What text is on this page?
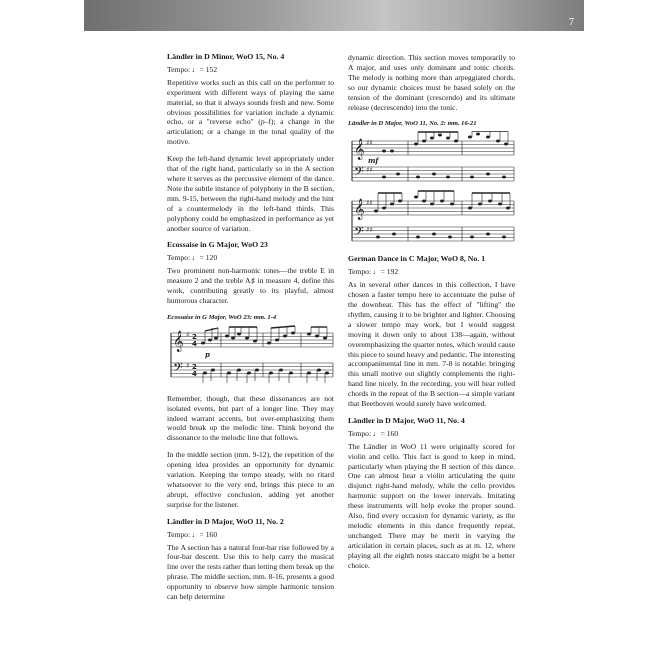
7
Ländler in D Minor, WoO 15, No. 4
Tempo: ♩= 152

Repetitive works such as this call on the performer to experiment with different ways of playing the same material, so that it always sounds fresh and new. Some obvious possibilities for variation include a dynamic echo, or a "reverse echo" (p–f); a change in the articulation; or a change in the tonal quality of the motive.

Keep the left-hand dynamic level appropriately under that of the right hand, particularly so in the A section where it serves as the percussive element of the dance. Note the subtle instance of polyphony in the B section, mm. 9-15, between the right-hand melody and the hint of a countermelody in the left-hand thirds. This polyphony could be emphasized in performance as yet another source of variation.

Ecossaise in G Major, WoO 23
Tempo: ♩= 120

Two prominent non-harmonic tones—the treble E in measure 2 and the treble A♯ in measure 4, define this work, contributing greatly to its playful, almost humorous character.

Ecossaise in G Major, WoO 23: mm. 1-4
𝄞
𝄢
♯
♯
2
4
2
4
p

Remember, though, that these dissonances are not isolated events, but part of a longer line. They may indeed warrant accents, but over-emphasizing them would break up the melodic line. Think beyond the dissonance to the melodic line that follows.

In the middle section (mm. 9-12), the repetition of the opening idea provides an opportunity for dynamic variation. Keeping the tempo steady, with no ritard whatsoever to the very end, brings this piece to an abrupt, effective conclusion, adding yet another surprise for the listener.

Ländler in D Major, WoO 11, No. 2
Tempo: ♩= 160

The A section has a natural four-bar rise followed by a four-bar descent. Use this to help carry the musical line over the rests rather than letting them break up the phrase. The middle section, mm. 8-16, presents a good opportunity to observe how simple harmonic tension can help determine

dynamic direction. This section moves temporarily to A major, and uses only dominant and tonic chords. The melody is nothing more than arpeggiated chords, so our dynamic choices must be based solely on the tension of the dominant (crescendo) and its ultimate release (decrescendo) into the tonic.

Ländler in D Major, WoO 11, No. 2: mm. 16-21
𝄞
𝄢
𝄞
𝄢
♯♯
♯♯
♯♯
♯♯
mf
German Dance in C Major, WoO 8, No. 1
Tempo: ♩= 192

As in several other dances in this collection, I have chosen a faster tempo here to accentuate the pulse of the downbeat. This has the effect of "lifting" the rhythm, causing it to be brighter and lighter. Choosing a slower tempo may work, but I would suggest moving it down only to about 138—again, without overemphasizing the quarter notes, which would cause this piece to sound heavy and pedantic. The interesting accompanimental line in mm. 7-8 is notable: bringing this small motive out slightly complements the right-hand line nicely. In the recording, you will hear rolled chords in the repeat of the B section—a simple variant that Beethoven would surely have welcomed.

Ländler in D Major, WoO 11, No. 4
Tempo: ♩= 160

The Ländler in WoO 11 were originally scored for violin and cello. This fact is good to keep in mind, particularly when playing the B section of this dance. One can almost hear a violin articulating the quite disjunct right-hand melody, while the cello provides harmonic support on the lower intervals. Imitating these instruments will help evoke the proper sound. Also, find every occasion for dynamic variety, as the melodic elements in this dance frequently repeat, unchanged. There may be merit in varying the articulation in certain places, such as at m. 12, where playing all the eighth notes staccato might be a better choice.
